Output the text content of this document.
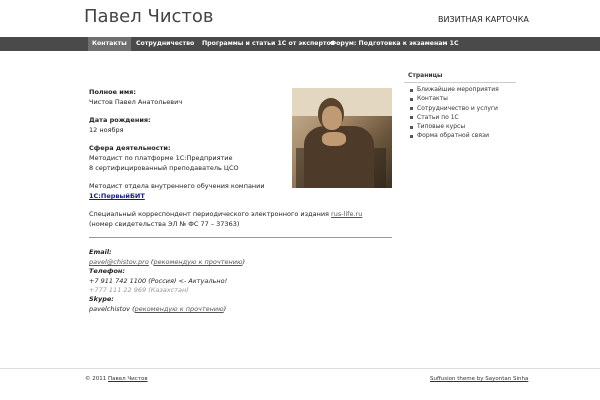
Павел Чистов	ВИЗИТНАЯ КАРТОЧКА
Контакты	Сотрудничество	Программы и статьи 1С от экспертов
Форум: Подготовка к экзаменам 1С
Полное имя:
Чистов Павел Анатольевич
Дата рождения:
12 ноября
Сфера деятельности:
Методист по платформе 1С:Предприятие
8 сертифицированный преподаватель ЦСО
Методист отдела внутреннего обучения компании
1С:ПервыйБИТ
Специальный корреспондент периодического электронного издания rus-life.ru
(номер свидетельства ЭЛ № ФС 77 – 37363)
Email:
pavel@chistov.pro (рекомендую к прочтению)
Телефон:
+7 911 742 1100 (Россия) <- Актуально!
+777 111 22 969 (Казахстан)
Skype:
pavelchistov (рекомендую к прочтению)
Страницы
Ближайшие мероприятия
Контакты
Сотрудничество и услуги
Статьи по 1С
Типовые курсы
Форма обратной связи
© 2011 Павел Чистов	Suffusion theme by Sayontan Sinha
